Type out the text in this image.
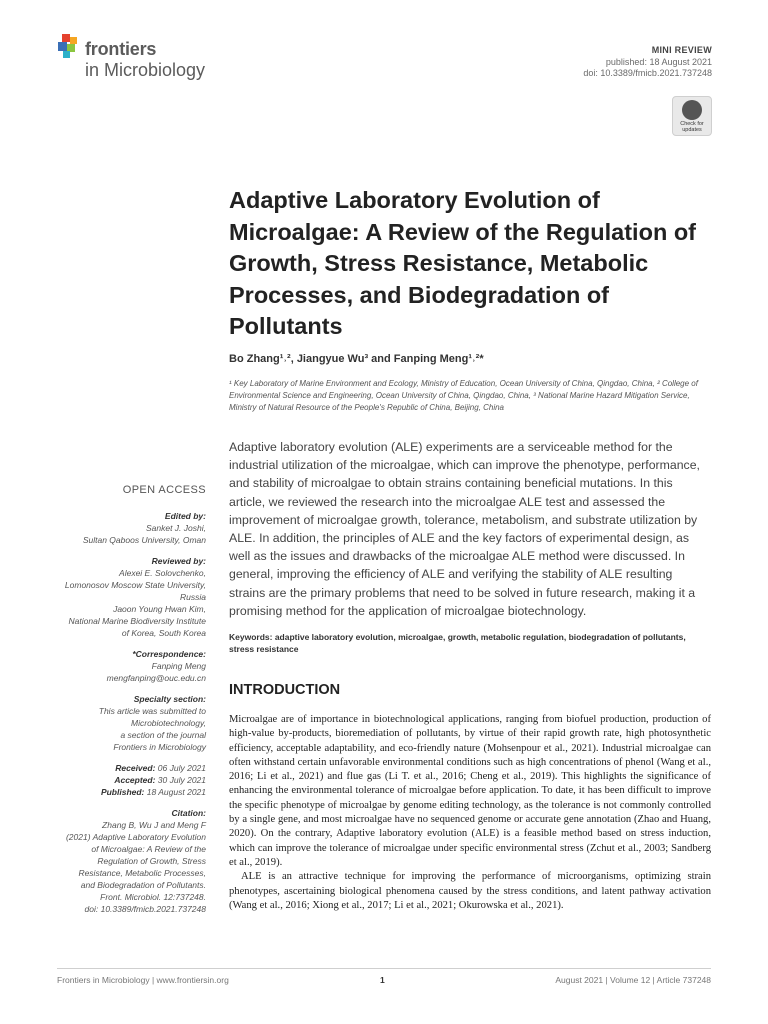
frontiers
in Microbiology
MINI REVIEW
published: 18 August 2021
doi: 10.3389/fmicb.2021.737248
Check for
updates
Adaptive Laboratory Evolution of Microalgae: A Review of the Regulation of Growth, Stress Resistance, Metabolic Processes, and Biodegradation of Pollutants
Bo Zhang¹˒², Jiangyue Wu³ and Fanping Meng¹˒²*
¹ Key Laboratory of Marine Environment and Ecology, Ministry of Education, Ocean University of China, Qingdao, China, ² College of Environmental Science and Engineering, Ocean University of China, Qingdao, China, ³ National Marine Hazard Mitigation Service, Ministry of Natural Resource of the People's Republic of China, Beijing, China
Adaptive laboratory evolution (ALE) experiments are a serviceable method for the industrial utilization of the microalgae, which can improve the phenotype, performance, and stability of microalgae to obtain strains containing beneficial mutations. In this article, we reviewed the research into the microalgae ALE test and assessed the improvement of microalgae growth, tolerance, metabolism, and substrate utilization by ALE. In addition, the principles of ALE and the key factors of experimental design, as well as the issues and drawbacks of the microalgae ALE method were discussed. In general, improving the efficiency of ALE and verifying the stability of ALE resulting strains are the primary problems that need to be solved in future research, making it a promising method for the application of microalgae biotechnology.
Keywords: adaptive laboratory evolution, microalgae, growth, metabolic regulation, biodegradation of pollutants, stress resistance
OPEN ACCESS
Edited by:
Sanket J. Joshi,
Sultan Qaboos University, Oman
Reviewed by:
Alexei E. Solovchenko,
Lomonosov Moscow State University,
Russia
Jaoon Young Hwan Kim,
National Marine Biodiversity Institute
of Korea, South Korea
*Correspondence:
Fanping Meng
mengfanping@ouc.edu.cn
Specialty section:
This article was submitted to
Microbiotechnology,
a section of the journal
Frontiers in Microbiology
Received: 06 July 2021
Accepted: 30 July 2021
Published: 18 August 2021
Citation:
Zhang B, Wu J and Meng F
(2021) Adaptive Laboratory Evolution
of Microalgae: A Review of the
Regulation of Growth, Stress
Resistance, Metabolic Processes,
and Biodegradation of Pollutants.
Front. Microbiol. 12:737248.
doi: 10.3389/fmicb.2021.737248
INTRODUCTION

Microalgae are of importance in biotechnological applications, ranging from biofuel production, production of high-value by-products, bioremediation of pollutants, by virtue of their rapid growth rate, high photosynthetic efficiency, acceptable adaptability, and eco-friendly nature (Mohsenpour et al., 2021). Industrial microalgae can often withstand certain unfavorable environmental conditions such as high concentrations of phenol (Wang et al., 2016; Li et al., 2021) and flue gas (Li T. et al., 2016; Cheng et al., 2019). This highlights the significance of enhancing the environmental tolerance of microalgae before application. To date, it has been difficult to improve the specific phenotype of microalgae by genome editing technology, as the tolerance is not commonly controlled by a single gene, and most microalgae have no sequenced genome or accurate gene annotation (Zhao and Huang, 2020). On the contrary, Adaptive laboratory evolution (ALE) is a feasible method based on stress induction, which can improve the tolerance of microalgae under specific environmental stress (Zchut et al., 2003; Sandberg et al., 2019).

ALE is an attractive technique for improving the performance of microorganisms, optimizing strain phenotypes, ascertaining biological phenomena caused by the stress conditions, and latent pathway activation (Wang et al., 2016; Xiong et al., 2017; Li et al., 2021; Okurowska et al., 2021).

Frontiers in Microbiology | www.frontiersin.org	1	August 2021 | Volume 12 | Article 737248
